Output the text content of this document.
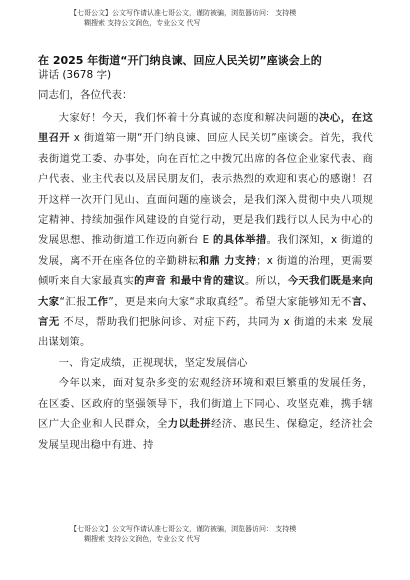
【七哥公文】公文写作请认准七哥公文，谨防被骗，浏览器访问： 支持模
糊搜索 支持公文润色，专业公文 代写
在 2025 年街道“开门纳良谏、回应人民关切”座谈会上的
讲话 (3678 字)
同志们，各位代表：

大家好！今天，我们怀着十分真诚的态度和解决问题的决心，在这里召开 x 街道第一期“开门纳良谏、回应人民关切”座谈会。首先，我代表街道党工委、办事处，向在百忙之中拨冗出席的各位企业家代表、商户代表、业主代表以及居民朋友们，表示热烈的欢迎和衷心的感谢！召开这样一次开门见山、直面问题的座谈会，是我们深入贯彻中央八项规定精神、持续加强作风建设的自觉行动，更是我们践行以人民为中心的发展思想、推动街道工作迈向新台 E 的具体举措。我们深知，x 街道的发展，离不开在座各位的辛勤耕耘和鼎 力支持；x 街道的治理，更需要倾听来自大家最真实的声音 和最中肯的建议。所以，今天我们既是来向大家“汇报工作”，更是来向大家“求取真经”。希望大家能够知无不言、言无 不尽，帮助我们把脉问诊、对症下药，共同为 x 街道的未来 发展出谋划策。

一、肯定成绩，正视现状，坚定发展信心

今年以来，面对复杂多变的宏观经济环境和艰巨繁重的发展任务，在区委、区政府的坚强领导下，我们街道上下同心、攻坚克难，携手辖区广大企业和人民群众，全力以赴拼经济、惠民生、保稳定，经济社会发展呈现出稳中有进、持

【七哥公文】公文写作请认准七哥公文，谨防被骗，浏览器访问： 支持模
糊搜索 支持公文润色，专业公文 代写
